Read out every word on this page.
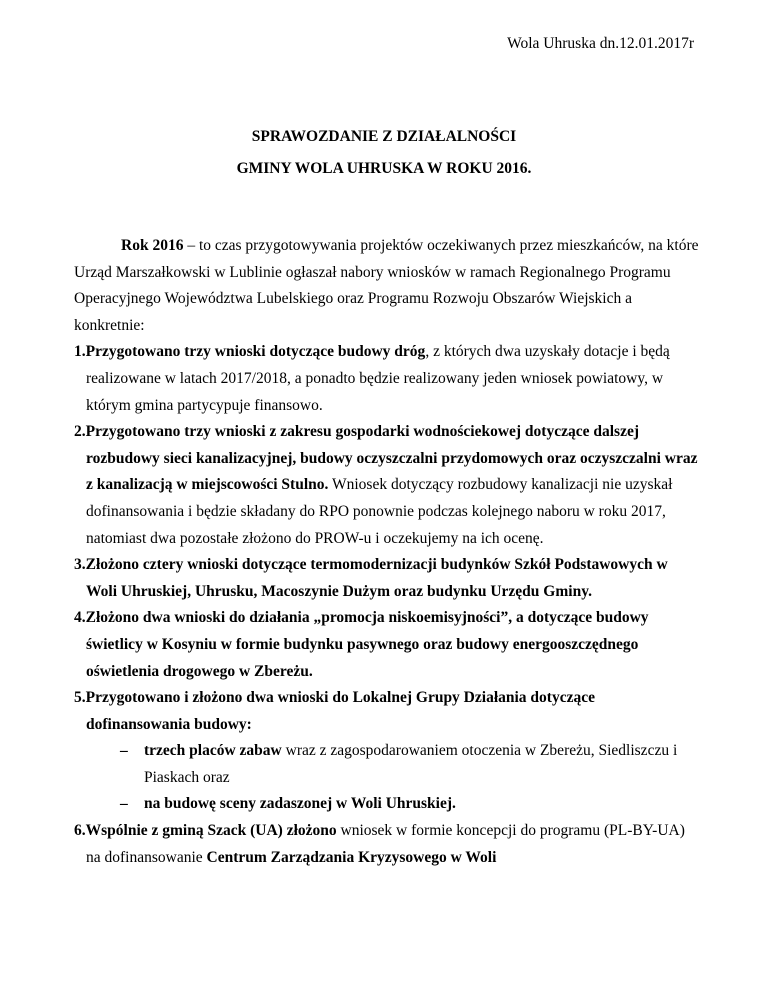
Wola Uhruska dn.12.01.2017r
SPRAWOZDANIE Z DZIAŁALNOŚCI
GMINY WOLA UHRUSKA W ROKU 2016.

Rok 2016 – to czas przygotowywania projektów oczekiwanych przez mieszkańców, na które Urząd Marszałkowski w Lublinie ogłaszał nabory wniosków w ramach Regionalnego Programu Operacyjnego Województwa Lubelskiego oraz Programu Rozwoju Obszarów Wiejskich a konkretnie:

1.Przygotowano trzy wnioski dotyczące budowy dróg, z których dwa uzyskały dotacje i będą realizowane w latach 2017/2018, a ponadto będzie realizowany jeden wniosek powiatowy, w którym gmina partycypuje finansowo.

2.Przygotowano trzy wnioski z zakresu gospodarki wodnościekowej dotyczące dalszej rozbudowy sieci kanalizacyjnej, budowy oczyszczalni przydomowych oraz oczyszczalni wraz z kanalizacją w miejscowości Stulno. Wniosek dotyczący rozbudowy kanalizacji nie uzyskał dofinansowania i będzie składany do RPO ponownie podczas kolejnego naboru w roku 2017, natomiast dwa pozostałe złożono do PROW-u i oczekujemy na ich ocenę.

3.Złożono cztery wnioski dotyczące termomodernizacji budynków Szkół Podstawowych w Woli Uhruskiej, Uhrusku, Macoszynie Dużym oraz budynku Urzędu Gminy.

4.Złożono dwa wnioski do działania „promocja niskoemisyjności”, a dotyczące budowy świetlicy w Kosyniu w formie budynku pasywnego oraz budowy energooszczędnego oświetlenia drogowego w Zbereżu.

5.Przygotowano i złożono dwa wnioski do Lokalnej Grupy Działania dotyczące dofinansowania budowy:

– trzech placów zabaw wraz z zagospodarowaniem otoczenia w Zbereżu, Siedliszczu i Piaskach oraz

– na budowę sceny zadaszonej w Woli Uhruskiej.

6.Wspólnie z gminą Szack (UA) złożono wniosek w formie koncepcji do programu (PL-BY-UA) na dofinansowanie Centrum Zarządzania Kryzysowego w Woli
